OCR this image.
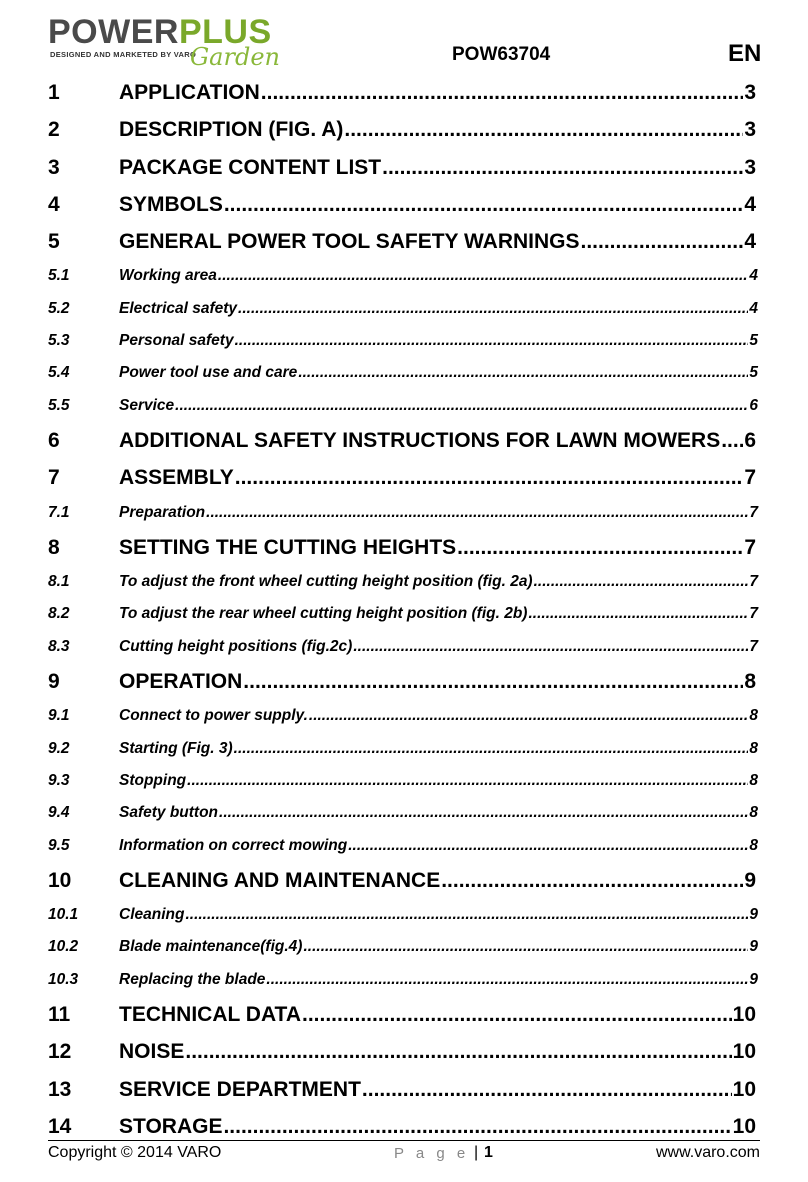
POWERPLUS
DESIGNED AND MARKETED BY VARO
Garden	POW63704	EN
1	APPLICATION .....	3
2	DESCRIPTION (FIG. A) .....	3
3	PACKAGE CONTENT LIST .....	3
4	SYMBOLS .....	4
5	GENERAL POWER TOOL SAFETY WARNINGS .....	4
5.1	Working area .....	4
5.2	Electrical safety .....	4
5.3	Personal safety .....	5
5.4	Power tool use and care .....	5
5.5	Service .....	6
6	ADDITIONAL SAFETY INSTRUCTIONS FOR LAWN MOWERS ..... 6
7	ASSEMBLY .....	7
7.1	Preparation .....	7
8	SETTING THE CUTTING HEIGHTS .....	7
8.1	To adjust the front wheel cutting height position (fig. 2a) .....	7
8.2	To adjust the rear wheel cutting height position (fig. 2b) .....	7
8.3	Cutting height positions (fig.2c) .....	7
9	OPERATION .....	8
9.1	Connect to power supply. .....	8
9.2	Starting (Fig. 3) .....	8
9.3	Stopping .....	8
9.4	Safety button .....	8
9.5	Information on correct mowing .....	8
10 CLEANING AND MAINTENANCE .....	9
10.1	Cleaning .....	9
10.2	Blade maintenance(fig.4) .....	9
10.3	Replacing the blade .....	9
11 TECHNICAL DATA .....	10
12 NOISE .....	10
13 SERVICE DEPARTMENT .....	10
14 STORAGE .....	10
Copyright © 2014 VARO	P a g e | 1	www.varo.com
